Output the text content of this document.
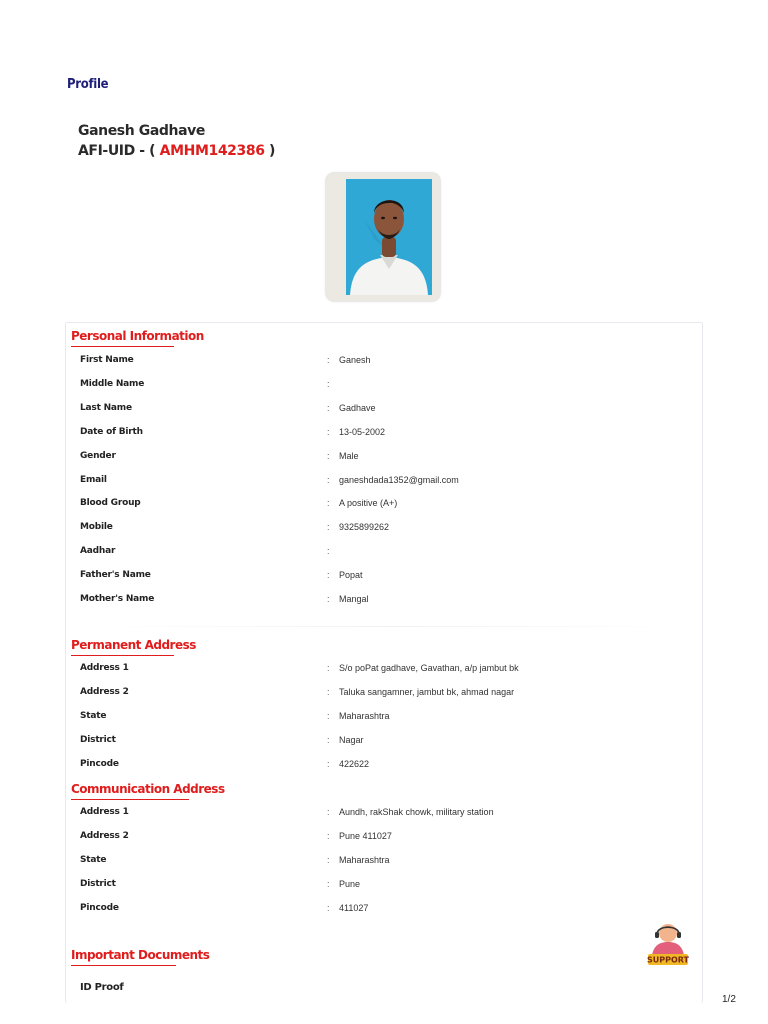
Profile
Ganesh Gadhave
AFI-UID - ( AMHM142386 )
Personal Information
First Name	: Ganesh
Middle Name	:
Last Name	: Gadhave
Date of Birth	: 13-05-2002
Gender	: Male
Email	: ganeshdada1352@gmail.com
Blood Group	: A positive (A+)
Mobile	: 9325899262
Aadhar	:
Father's Name	: Popat
Mother's Name	: Mangal
Permanent Address
Address 1	: S/o poPat gadhave, Gavathan, a/p jambut bk
Address 2	: Taluka sangamner, jambut bk, ahmad nagar
State	: Maharashtra
District	: Nagar
Pincode	: 422622
Communication Address
Address 1	: Aundh, rakShak chowk, military station
Address 2	: Pune 411027
State	: Maharashtra
District	: Pune
Pincode	: 411027
Important Documents
ID Proof
SUPPORT
1/2
